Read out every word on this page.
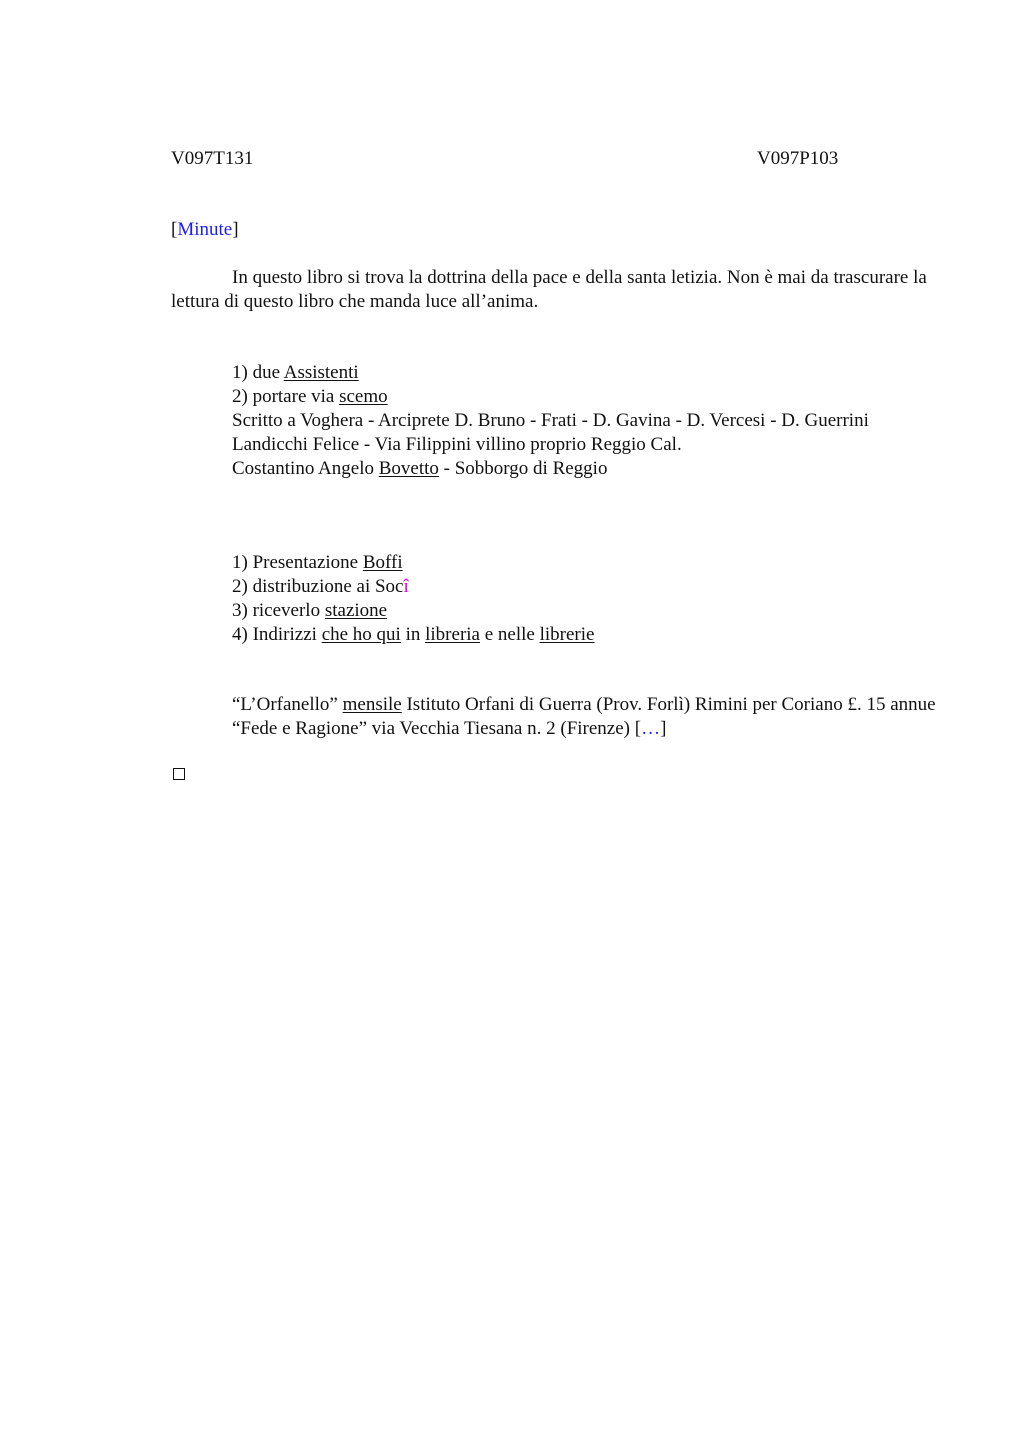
V097T131	V097P103
[Minute]

In questo libro si trova la dottrina della pace e della santa letizia. Non è mai da trascurare la lettura di questo libro che manda luce all’anima.

1) due Assistenti

2) portare via scemo

Scritto a Voghera - Arciprete D. Bruno - Frati - D. Gavina - D. Vercesi - D. Guerrini

Landicchi Felice - Via Filippini villino proprio Reggio Cal.

Costantino Angelo Bovetto - Sobborgo di Reggio

1) Presentazione Boffi

2) distribuzione ai Socî

3) riceverlo stazione

4) Indirizzi che ho qui in libreria e nelle librerie

“L’Orfanello” mensile Istituto Orfani di Guerra (Prov. Forlì) Rimini per Coriano £. 15 annue

“Fede e Ragione” via Vecchia Tiesana n. 2 (Firenze) […]
